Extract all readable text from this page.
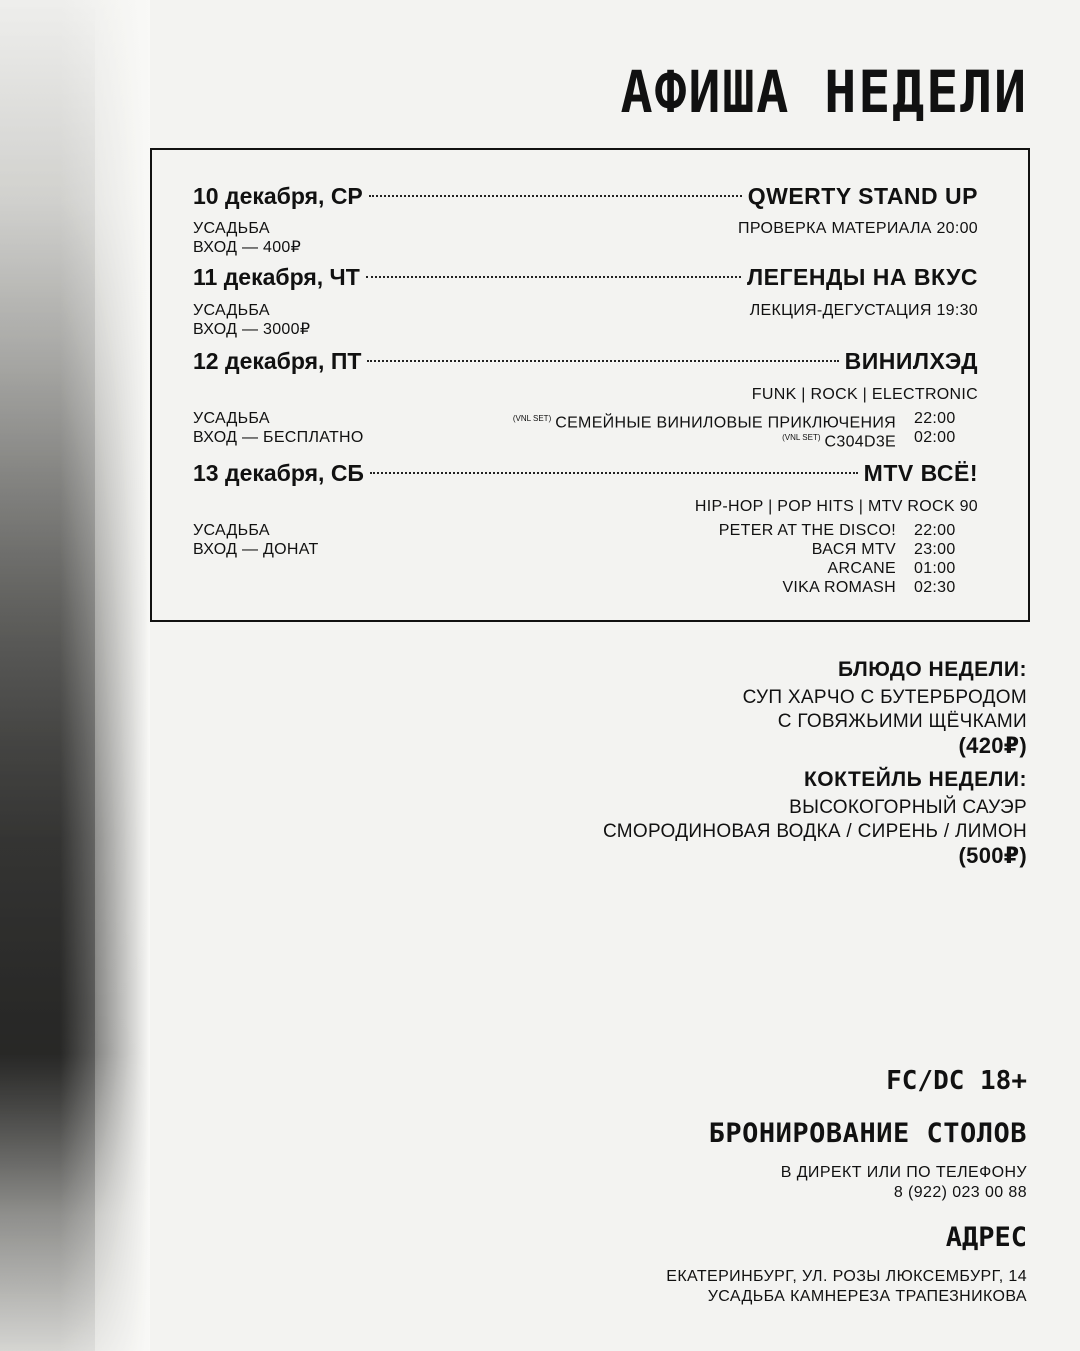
АФИША НЕДЕЛИ
10 декабря, СР	QWERTY STAND UP
УСАДЬБА
ВХОД — 400₽
ПРОВЕРКА МАТЕРИАЛА 20:00
11 декабря, ЧТ	ЛЕГЕНДЫ НА ВКУС
УСАДЬБА
ВХОД — 3000₽
ЛЕКЦИЯ-ДЕГУСТАЦИЯ 19:30
12 декабря, ПТ	ВИНИЛХЭД
FUNK | ROCK | ELECTRONIC
УСАДЬБА
ВХОД — БЕСПЛАТНО
$^{(VNL SET)}$ СЕМЕЙНЫЕ ВИНИЛОВЫЕ ПРИКЛЮЧЕНИЯ 22:00
$^{(VNL SET)}$ C304D3E 02:00
13 декабря, СБ	MTV ВСЁ!
HIP-HOP | POP HITS | MTV ROCK 90
УСАДЬБА
ВХОД — ДОНАТ
PETER AT THE DISCO! 22:00
ВАСЯ MTV 23:00
ARCANE 01:00
VIKA ROMASH 02:30
БЛЮДО НЕДЕЛИ:
СУП ХАРЧО С БУТЕРБРОДОМ
С ГОВЯЖЬИМИ ЩЁЧКАМИ
(420₽)
КОКТЕЙЛЬ НЕДЕЛИ:
ВЫСОКОГОРНЫЙ САУЭР
СМОРОДИНОВАЯ ВОДКА / СИРЕНЬ / ЛИМОН
(500₽)
FC/DC 18+
БРОНИРОВАНИЕ СТОЛОВ
В ДИРЕКТ ИЛИ ПО ТЕЛЕФОНУ
8 (922) 023 00 88
АДРЕС
ЕКАТЕРИНБУРГ, УЛ. РОЗЫ ЛЮКСЕМБУРГ, 14
УСАДЬБА КАМНЕРЕЗА ТРАПЕЗНИКОВА
